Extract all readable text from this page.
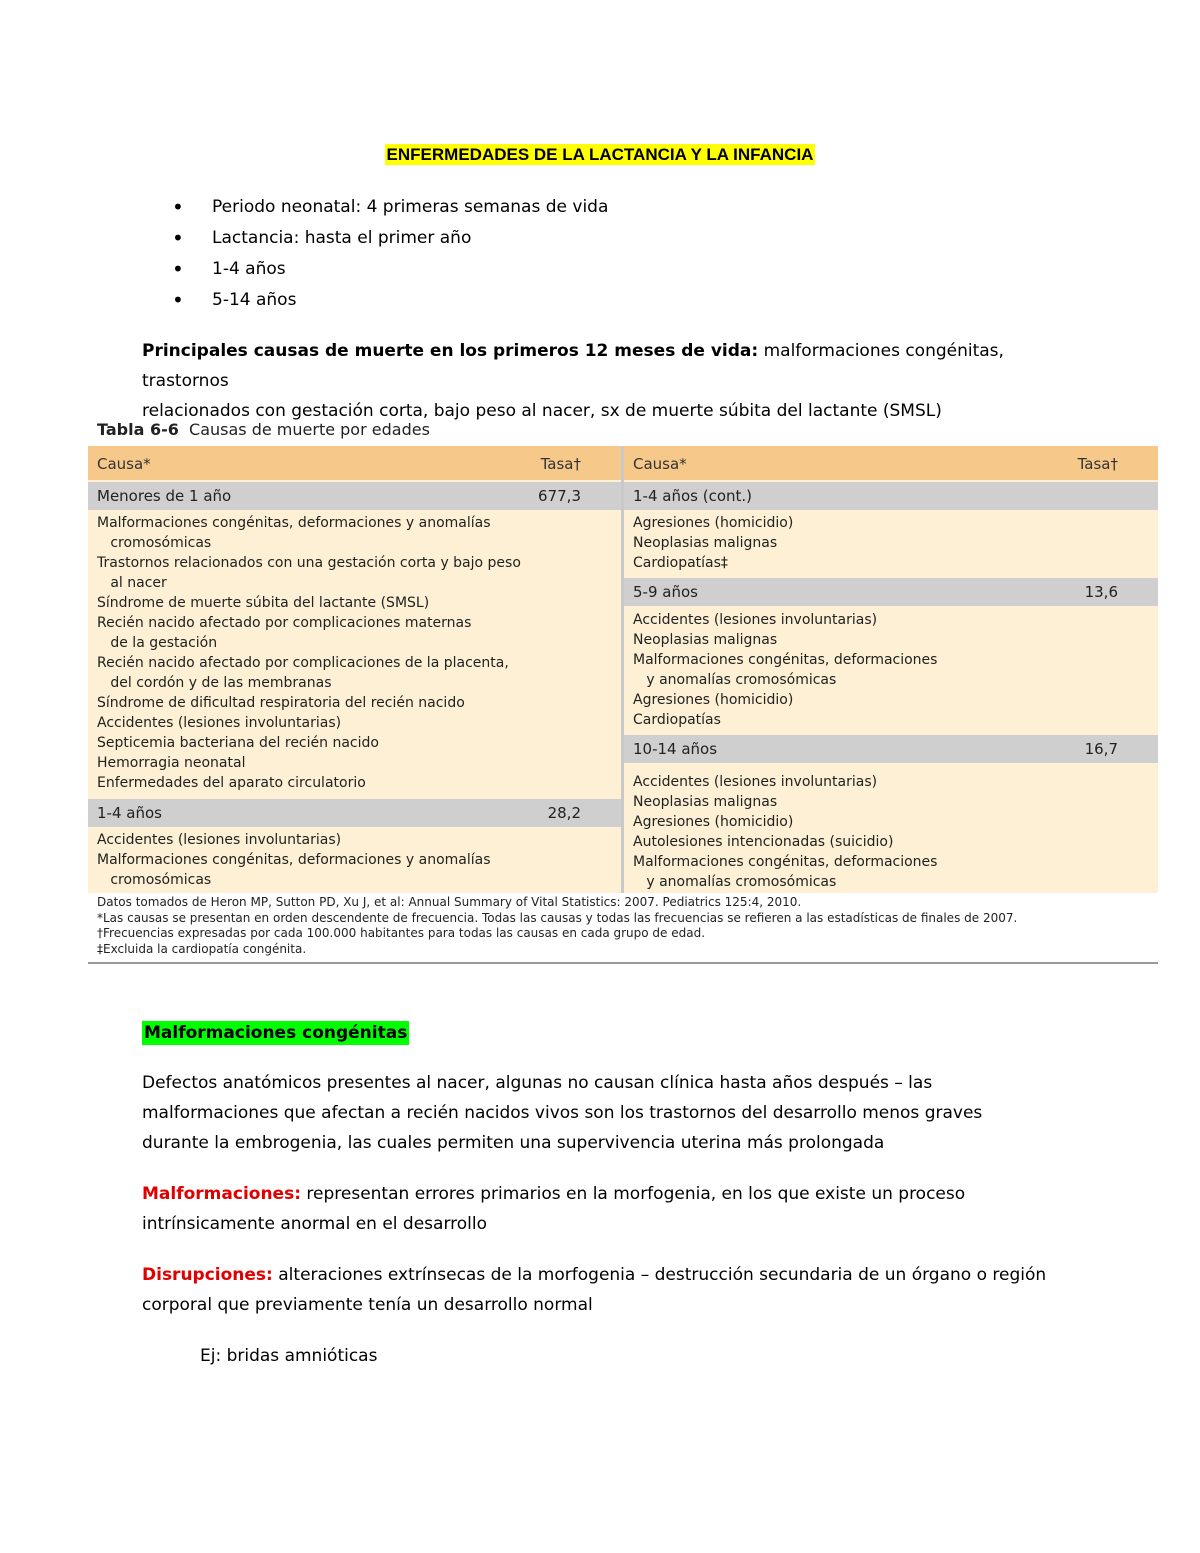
ENFERMEDADES DE LA LACTANCIA Y LA INFANCIA
• Periodo neonatal: 4 primeras semanas de vida
• Lactancia: hasta el primer año
• 1-4 años
• 5-14 años

Principales causas de muerte en los primeros 12 meses de vida: malformaciones congénitas, trastornos
relacionados con gestación corta, bajo peso al nacer, sx de muerte súbita del lactante (SMSL)

Tabla 6-6 Causas de muerte por edades
Causa*	Tasa†
Menores de 1 año	677,3
Malformaciones congénitas, deformaciones y anomalías
cromosómicas
Trastornos relacionados con una gestación corta y bajo peso
al nacer
Síndrome de muerte súbita del lactante (SMSL)
Recién nacido afectado por complicaciones maternas
de la gestación
Recién nacido afectado por complicaciones de la placenta,
del cordón y de las membranas
Síndrome de dificultad respiratoria del recién nacido
Accidentes (lesiones involuntarias)
Septicemia bacteriana del recién nacido
Hemorragia neonatal
Enfermedades del aparato circulatorio
1-4 años	28,2
Accidentes (lesiones involuntarias)
Malformaciones congénitas, deformaciones y anomalías
cromosómicas
Causa*	Tasa†
1-4 años (cont.)
Agresiones (homicidio)
Neoplasias malignas
Cardiopatías‡
5-9 años	13,6
Accidentes (lesiones involuntarias)
Neoplasias malignas
Malformaciones congénitas, deformaciones
y anomalías cromosómicas
Agresiones (homicidio)
Cardiopatías
10-14 años	16,7
Accidentes (lesiones involuntarias)
Neoplasias malignas
Agresiones (homicidio)
Autolesiones intencionadas (suicidio)
Malformaciones congénitas, deformaciones
y anomalías cromosómicas
Datos tomados de Heron MP, Sutton PD, Xu J, et al: Annual Summary of Vital Statistics: 2007. Pediatrics 125:4, 2010.
*Las causas se presentan en orden descendente de frecuencia. Todas las causas y todas las frecuencias se refieren a las estadísticas de finales de 2007.
†Frecuencias expresadas por cada 100.000 habitantes para todas las causas en cada grupo de edad.
‡Excluida la cardiopatía congénita.
Malformaciones congénitas

Defectos anatómicos presentes al nacer, algunas no causan clínica hasta años después – las
malformaciones que afectan a recién nacidos vivos son los trastornos del desarrollo menos graves
durante la embrogenia, las cuales permiten una supervivencia uterina más prolongada

Malformaciones: representan errores primarios en la morfogenia, en los que existe un proceso
intrínsicamente anormal en el desarrollo

Disrupciones: alteraciones extrínsecas de la morfogenia – destrucción secundaria de un órgano o región
corporal que previamente tenía un desarrollo normal

Ej: bridas amnióticas
